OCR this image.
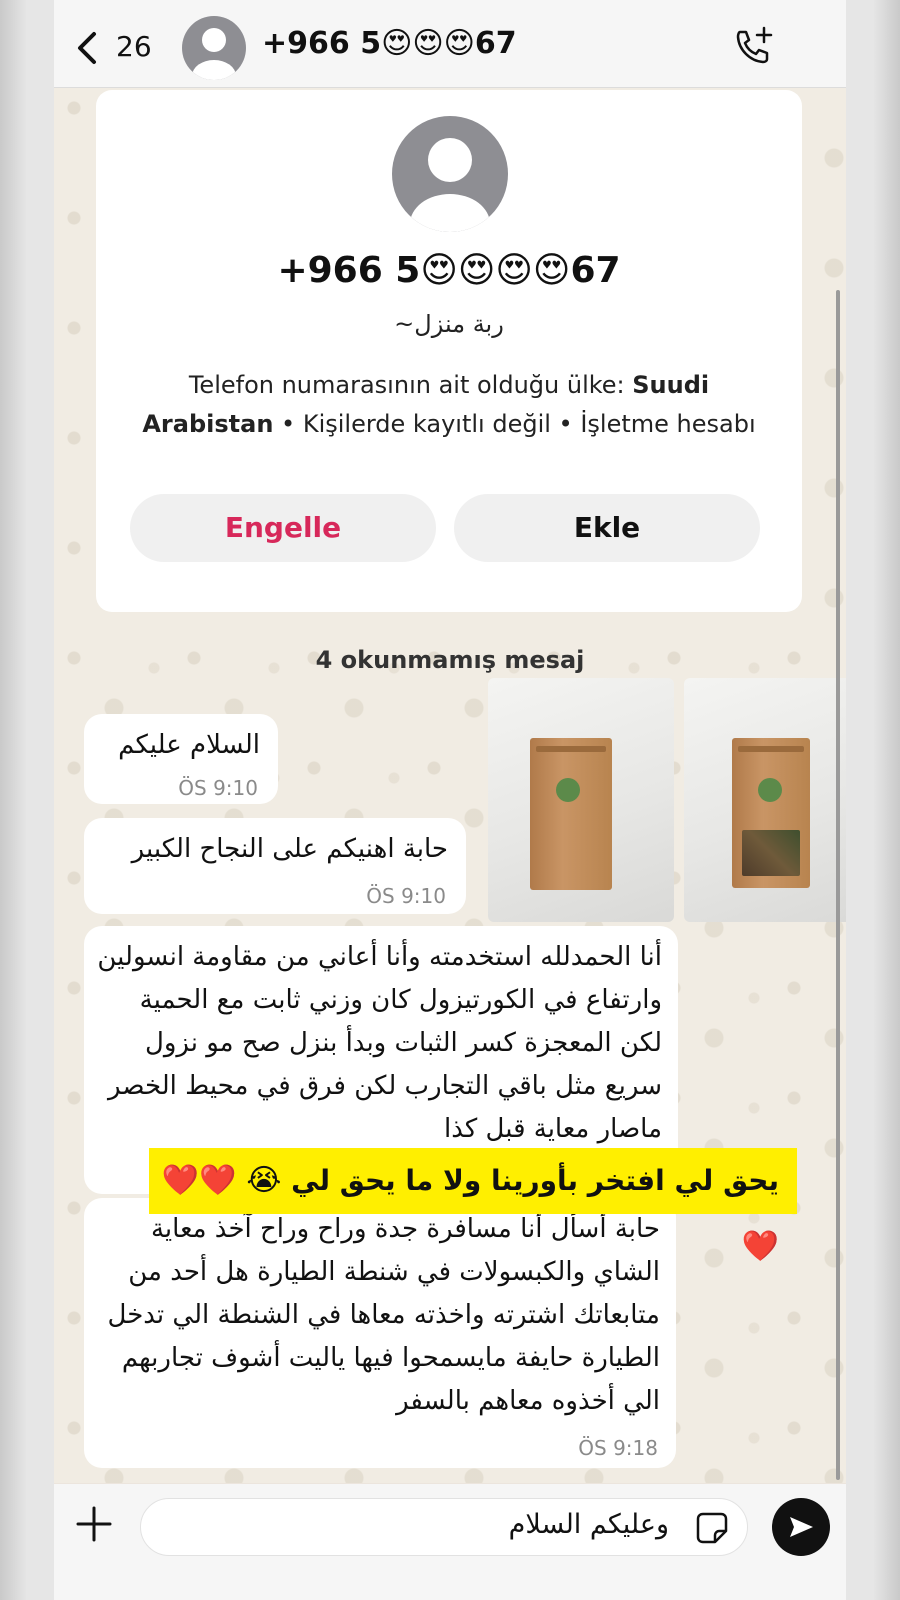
26	+966 5😍😍😍67
+966 5😍😍😍😍67
~ربة منزل
Telefon numarasının ait olduğu ülke: Suudi Arabistan • Kişilerde kayıtlı değil • İşletme hesabı
Engelle	Ekle
4 okunmamış mesaj
السلام عليكم
ÖS 9:10
حابة اهنيكم على النجاح الكبير
ÖS 9:10
أنا الحمدلله استخدمته وأنا أعاني من مقاومة انسولين وارتفاع في الكورتيزول كان وزني ثابت مع الحمية لكن المعجزة كسر الثبات وبدأ بنزل صح مو نزول سريع مثل باقي التجارب لكن فرق في محيط الخصر ماصار معاية قبل كذا
حابة أسأل أنا مسافرة جدة وراح وراح آخذ معاية الشاي والكبسولات في شنطة الطيارة هل أحد من متابعاتك اشترته واخذته معاها في الشنطة الي تدخل الطيارة حايفة مايسمحوا فيها ياليت أشوف تجاربهم الي أخذوه معاهم بالسفر
ÖS 9:18
يحق لي افتخر بأورينا ولا ما يحق لي 😭 ❤️❤️❤️
وعليكم السلام
